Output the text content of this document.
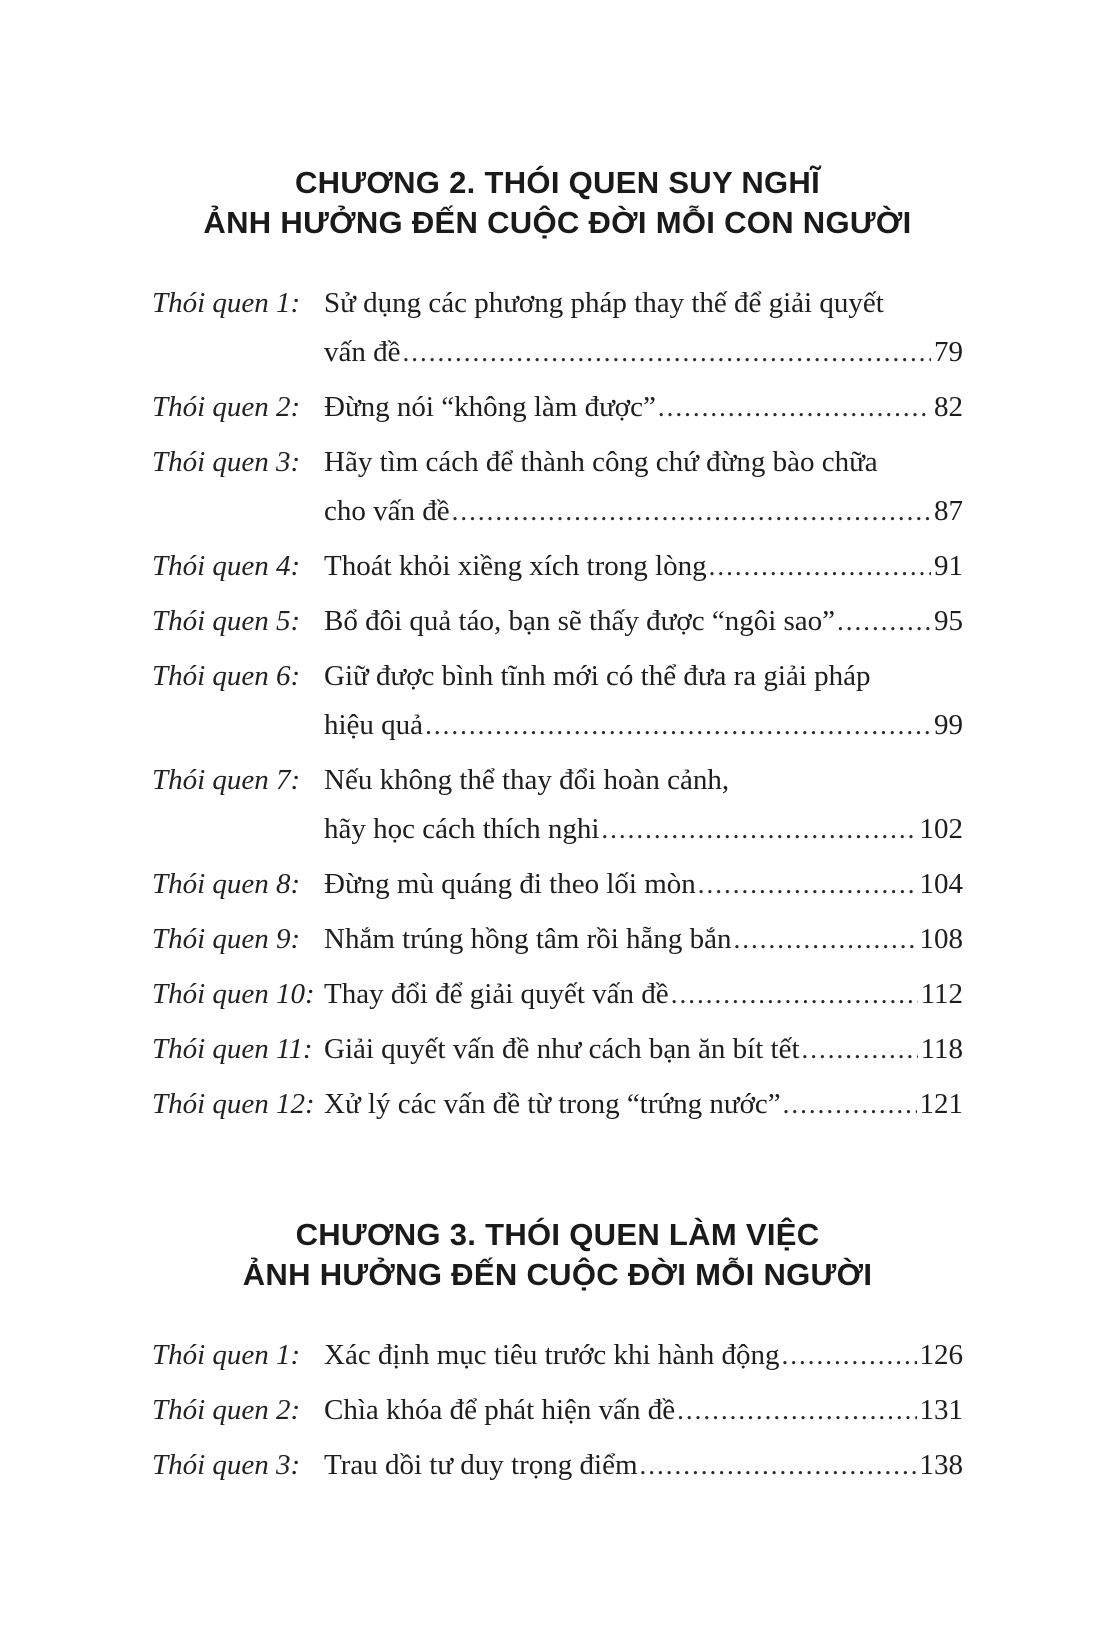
CHƯƠNG 2. THÓI QUEN SUY NGHĨ
ẢNH HƯỞNG ĐẾN CUỘC ĐỜI MỖI CON NGƯỜI
Thói quen 1: Sử dụng các phương pháp thay thế để giải quyết
vấn đề .....	79
Thói quen 2: Đừng nói “không làm được” .....	82
Thói quen 3: Hãy tìm cách để thành công chứ đừng bào chữa
cho vấn đề .....	87
Thói quen 4: Thoát khỏi xiềng xích trong lòng .....	91
Thói quen 5: Bổ đôi quả táo, bạn sẽ thấy được “ngôi sao” .....	95
Thói quen 6: Giữ được bình tĩnh mới có thể đưa ra giải pháp
hiệu quả .....	99
Thói quen 7: Nếu không thể thay đổi hoàn cảnh,
hãy học cách thích nghi .....	102
Thói quen 8: Đừng mù quáng đi theo lối mòn .....	104
Thói quen 9: Nhắm trúng hồng tâm rồi hẵng bắn .....	108
Thói quen 10: Thay đổi để giải quyết vấn đề .....	112
Thói quen 11: Giải quyết vấn đề như cách bạn ăn bít tết .....	118
Thói quen 12: Xử lý các vấn đề từ trong “trứng nước” .....	121
CHƯƠNG 3. THÓI QUEN LÀM VIỆC
ẢNH HƯỞNG ĐẾN CUỘC ĐỜI MỖI NGƯỜI
Thói quen 1: Xác định mục tiêu trước khi hành động .....	126
Thói quen 2: Chìa khóa để phát hiện vấn đề .....	131
Thói quen 3: Trau dồi tư duy trọng điểm .....	138
